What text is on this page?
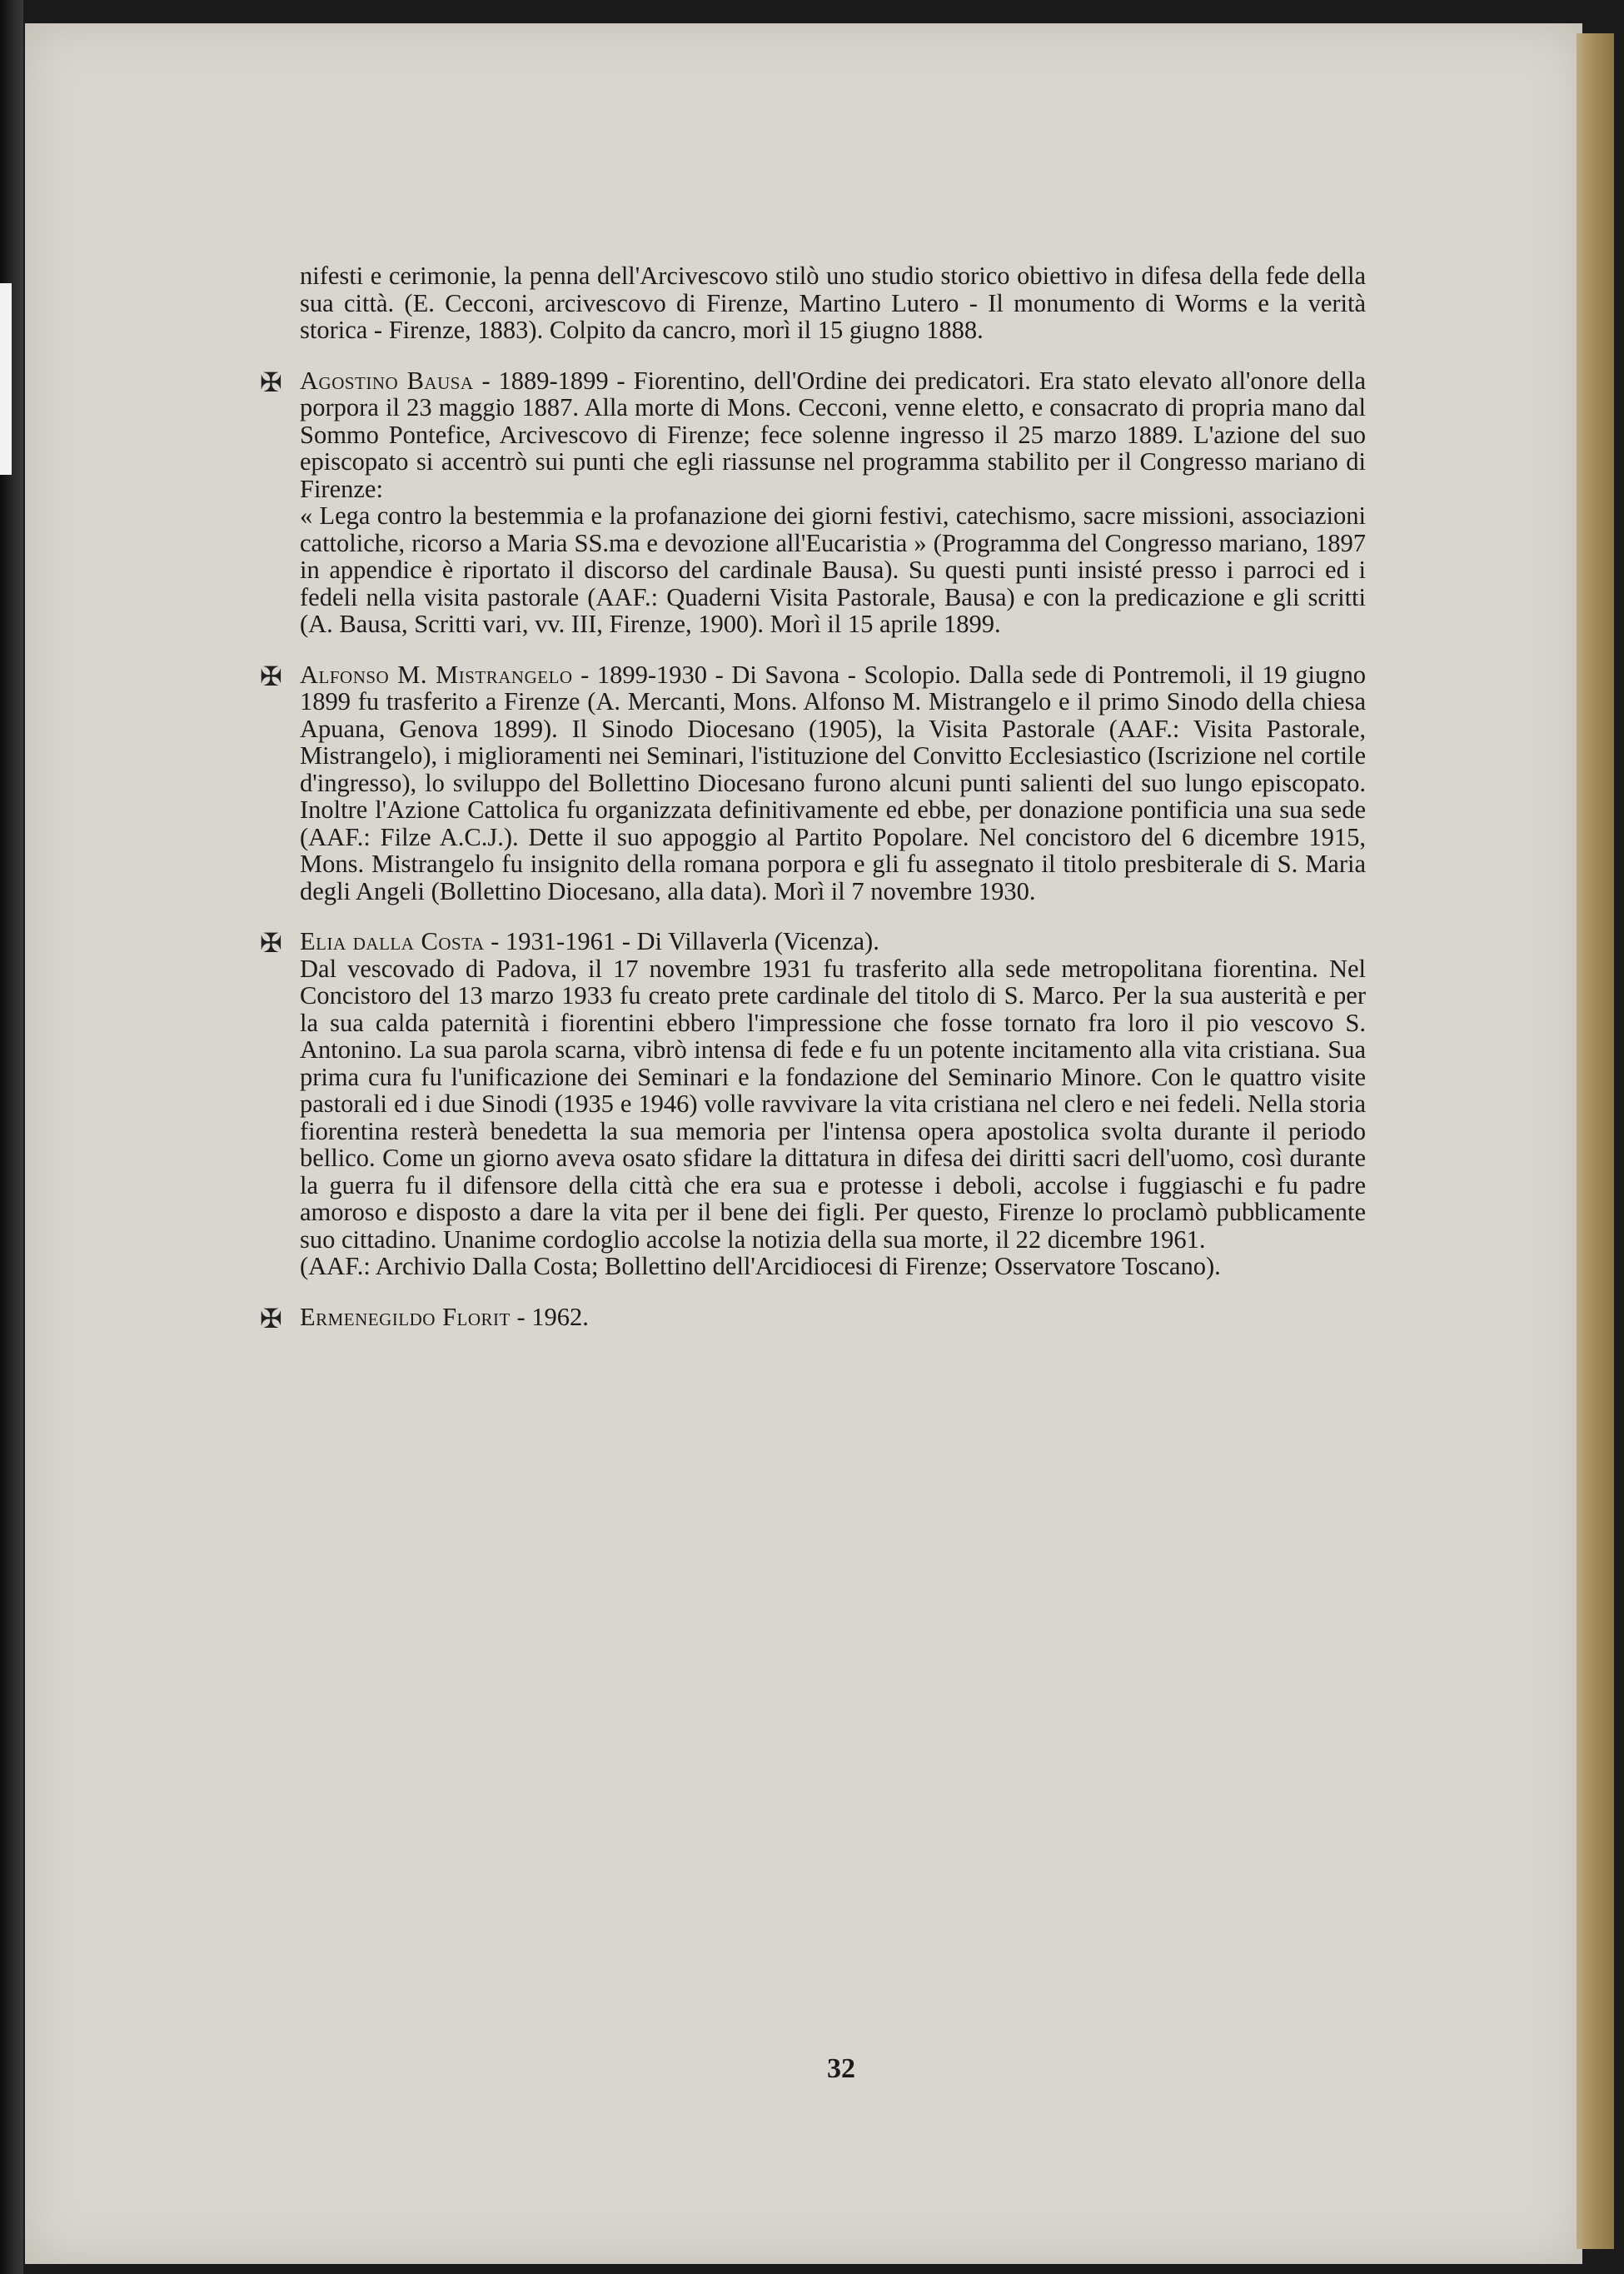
nifesti e cerimonie, la penna dell'Arcivescovo stilò uno studio storico obiettivo in difesa della fede della sua città. (E. Cecconi, arcivescovo di Firenze, Martino Lutero - Il monumento di Worms e la verità storica - Firenze, 1883). Colpito da cancro, morì il 15 giugno 1888.

✠ Agostino Bausa - 1889-1899 - Fiorentino, dell'Ordine dei predicatori. Era stato elevato all'onore della porpora il 23 maggio 1887. Alla morte di Mons. Cecconi, venne eletto, e consacrato di propria mano dal Sommo Pontefice, Arcivescovo di Firenze; fece solenne ingresso il 25 marzo 1889. L'azione del suo episcopato si accentrò sui punti che egli riassunse nel programma stabilito per il Congresso mariano di Firenze:

« Lega contro la bestemmia e la profanazione dei giorni festivi, catechismo, sacre missioni, associazioni cattoliche, ricorso a Maria SS.ma e devozione all'Eucaristia » (Programma del Congresso mariano, 1897 in appendice è riportato il discorso del cardinale Bausa). Su questi punti insisté presso i parroci ed i fedeli nella visita pastorale (AAF.: Quaderni Visita Pastorale, Bausa) e con la predicazione e gli scritti (A. Bausa, Scritti vari, vv. III, Firenze, 1900). Morì il 15 aprile 1899.

✠ Alfonso M. Mistrangelo - 1899-1930 - Di Savona - Scolopio. Dalla sede di Pontremoli, il 19 giugno 1899 fu trasferito a Firenze (A. Mercanti, Mons. Alfonso M. Mistrangelo e il primo Sinodo della chiesa Apuana, Genova 1899). Il Sinodo Diocesano (1905), la Visita Pastorale (AAF.: Visita Pastorale, Mistrangelo), i miglioramenti nei Seminari, l'istituzione del Convitto Ecclesiastico (Iscrizione nel cortile d'ingresso), lo sviluppo del Bollettino Diocesano furono alcuni punti salienti del suo lungo episcopato. Inoltre l'Azione Cattolica fu organizzata definitivamente ed ebbe, per donazione pontificia una sua sede (AAF.: Filze A.C.J.). Dette il suo appoggio al Partito Popolare. Nel concistoro del 6 dicembre 1915, Mons. Mistrangelo fu insignito della romana porpora e gli fu assegnato il titolo presbiterale di S. Maria degli Angeli (Bollettino Diocesano, alla data). Morì il 7 novembre 1930.

✠ Elia dalla Costa - 1931-1961 - Di Villaverla (Vicenza).

Dal vescovado di Padova, il 17 novembre 1931 fu trasferito alla sede metropolitana fiorentina. Nel Concistoro del 13 marzo 1933 fu creato prete cardinale del titolo di S. Marco. Per la sua austerità e per la sua calda paternità i fiorentini ebbero l'impressione che fosse tornato fra loro il pio vescovo S. Antonino. La sua parola scarna, vibrò intensa di fede e fu un potente incitamento alla vita cristiana. Sua prima cura fu l'unificazione dei Seminari e la fondazione del Seminario Minore. Con le quattro visite pastorali ed i due Sinodi (1935 e 1946) volle ravvivare la vita cristiana nel clero e nei fedeli. Nella storia fiorentina resterà benedetta la sua memoria per l'intensa opera apostolica svolta durante il periodo bellico. Come un giorno aveva osato sfidare la dittatura in difesa dei diritti sacri dell'uomo, così durante la guerra fu il difensore della città che era sua e protesse i deboli, accolse i fuggiaschi e fu padre amoroso e disposto a dare la vita per il bene dei figli. Per questo, Firenze lo proclamò pubblicamente suo cittadino. Unanime cordoglio accolse la notizia della sua morte, il 22 dicembre 1961.

(AAF.: Archivio Dalla Costa; Bollettino dell'Arcidiocesi di Firenze; Osservatore Toscano).

✠ Ermenegildo Florit - 1962.

32
